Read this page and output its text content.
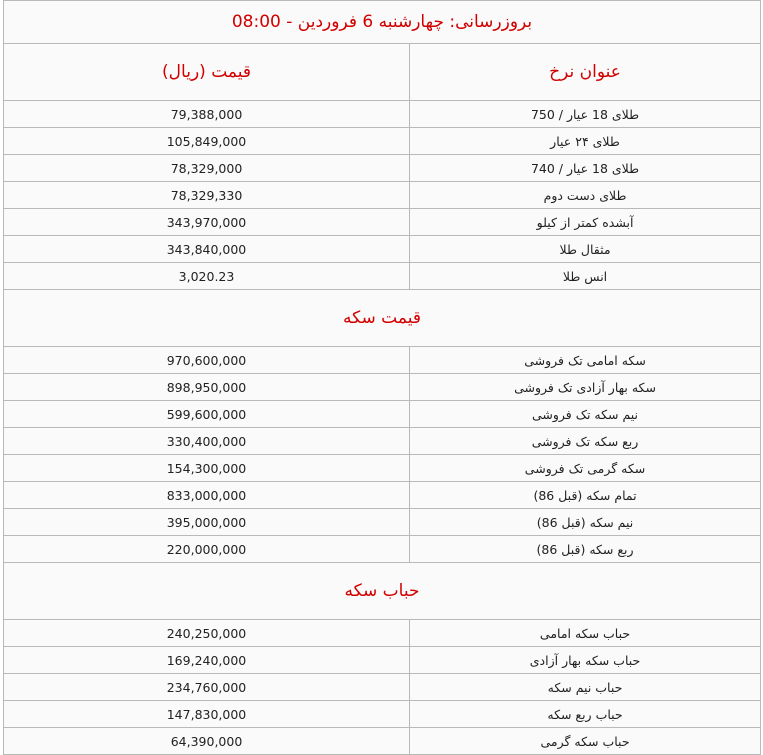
بروزرسانی: چهارشنبه 6 فروردین - 08:00	
عنوان نرخ	قیمت (ریال)
طلای 18 عیار / 750	79,388,000
طلای ۲۴ عیار	105,849,000
طلای 18 عیار / 740	78,329,000
طلای دست دوم	78,329,330
آبشده کمتر از کیلو	343,970,000
مثقال طلا	343,840,000
انس طلا	3,020.23
قیمت سکه	
سکه امامی تک فروشی	970,600,000
سکه بهار آزادی تک فروشی	898,950,000
نیم سکه تک فروشی	599,600,000
ربع سکه تک فروشی	330,400,000
سکه گرمی تک فروشی	154,300,000
تمام سکه (قبل 86)	833,000,000
نیم سکه (قبل 86)	395,000,000
ربع سکه (قبل 86)	220,000,000
حباب سکه	
حباب سکه امامی	240,250,000
حباب سکه بهار آزادی	169,240,000
حباب نیم سکه	234,760,000
حباب ربع سکه	147,830,000
حباب سکه گرمی	64,390,000
